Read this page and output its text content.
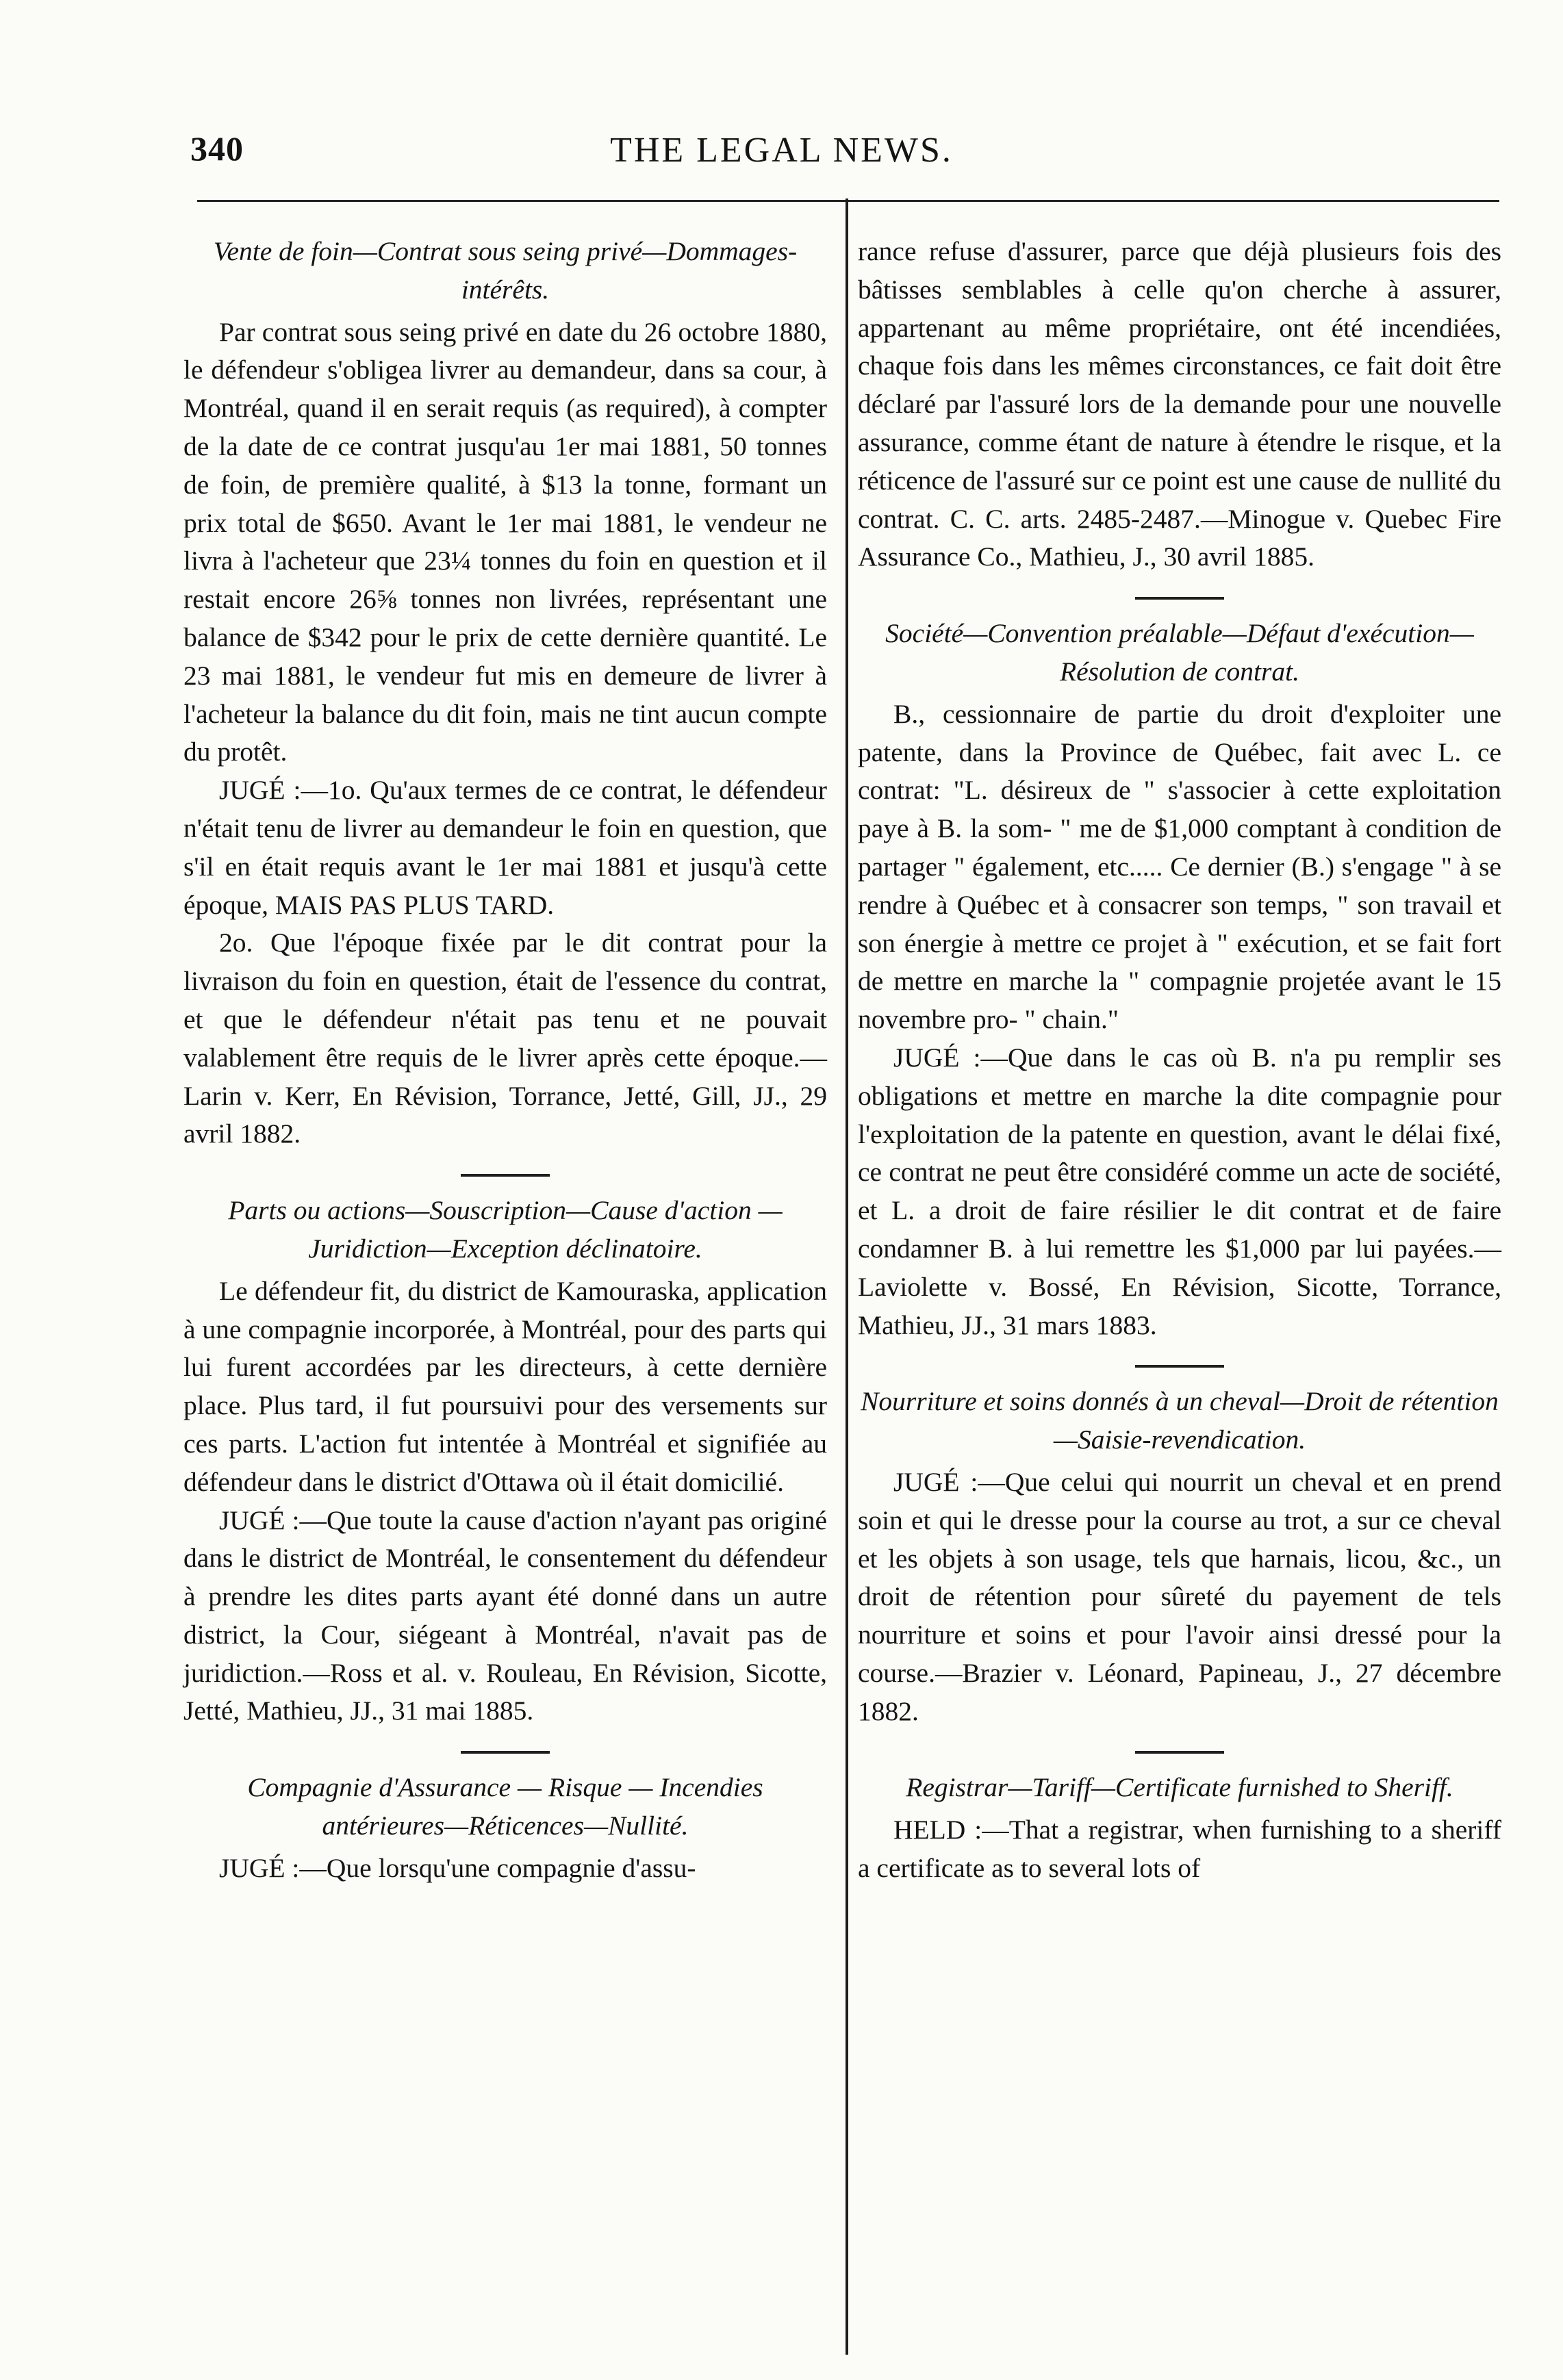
340	THE LEGAL NEWS.

Vente de foin—Contrat sous seing privé—Dommages-intérêts.

Par contrat sous seing privé en date du 26 octobre 1880, le défendeur s'obligea livrer au demandeur, dans sa cour, à Montréal, quand il en serait requis (as required), à compter de la date de ce contrat jusqu'au 1er mai 1881, 50 tonnes de foin, de première qualité, à $13 la tonne, formant un prix total de $650. Avant le 1er mai 1881, le vendeur ne livra à l'acheteur que 23¼ tonnes du foin en question et il restait encore 26⅝ tonnes non livrées, représentant une balance de $342 pour le prix de cette dernière quantité. Le 23 mai 1881, le vendeur fut mis en demeure de livrer à l'acheteur la balance du dit foin, mais ne tint aucun compte du protêt.

JUGÉ :—1o. Qu'aux termes de ce contrat, le défendeur n'était tenu de livrer au demandeur le foin en question, que s'il en était requis avant le 1er mai 1881 et jusqu'à cette époque, MAIS PAS PLUS TARD.

2o. Que l'époque fixée par le dit contrat pour la livraison du foin en question, était de l'essence du contrat, et que le défendeur n'était pas tenu et ne pouvait valablement être requis de le livrer après cette époque.—Larin v. Kerr, En Révision, Torrance, Jetté, Gill, JJ., 29 avril 1882.

Parts ou actions—Souscription—Cause d'action —Juridiction—Exception déclinatoire.

Le défendeur fit, du district de Kamouraska, application à une compagnie incorporée, à Montréal, pour des parts qui lui furent accordées par les directeurs, à cette dernière place. Plus tard, il fut poursuivi pour des versements sur ces parts. L'action fut intentée à Montréal et signifiée au défendeur dans le district d'Ottawa où il était domicilié.

JUGÉ :—Que toute la cause d'action n'ayant pas originé dans le district de Montréal, le consentement du défendeur à prendre les dites parts ayant été donné dans un autre district, la Cour, siégeant à Montréal, n'avait pas de juridiction.—Ross et al. v. Rouleau, En Révision, Sicotte, Jetté, Mathieu, JJ., 31 mai 1885.

Compagnie d'Assurance — Risque — Incendies antérieures—Réticences—Nullité.

JUGÉ :—Que lorsqu'une compagnie d'assu-

rance refuse d'assurer, parce que déjà plusieurs fois des bâtisses semblables à celle qu'on cherche à assurer, appartenant au même propriétaire, ont été incendiées, chaque fois dans les mêmes circonstances, ce fait doit être déclaré par l'assuré lors de la demande pour une nouvelle assurance, comme étant de nature à étendre le risque, et la réticence de l'assuré sur ce point est une cause de nullité du contrat. C. C. arts. 2485-2487.—Minogue v. Quebec Fire Assurance Co., Mathieu, J., 30 avril 1885.

Société—Convention préalable—Défaut d'exécution—Résolution de contrat.

B., cessionnaire de partie du droit d'exploiter une patente, dans la Province de Québec, fait avec L. ce contrat: "L. désireux de " s'associer à cette exploitation paye à B. la som- " me de $1,000 comptant à condition de partager " également, etc..... Ce dernier (B.) s'engage " à se rendre à Québec et à consacrer son temps, " son travail et son énergie à mettre ce projet à " exécution, et se fait fort de mettre en marche la " compagnie projetée avant le 15 novembre pro- " chain."

JUGÉ :—Que dans le cas où B. n'a pu remplir ses obligations et mettre en marche la dite compagnie pour l'exploitation de la patente en question, avant le délai fixé, ce contrat ne peut être considéré comme un acte de société, et L. a droit de faire résilier le dit contrat et de faire condamner B. à lui remettre les $1,000 par lui payées.—Laviolette v. Bossé, En Révision, Sicotte, Torrance, Mathieu, JJ., 31 mars 1883.

Nourriture et soins donnés à un cheval—Droit de rétention—Saisie-revendication.

JUGÉ :—Que celui qui nourrit un cheval et en prend soin et qui le dresse pour la course au trot, a sur ce cheval et les objets à son usage, tels que harnais, licou, &c., un droit de rétention pour sûreté du payement de tels nourriture et soins et pour l'avoir ainsi dressé pour la course.—Brazier v. Léonard, Papineau, J., 27 décembre 1882.

Registrar—Tariff—Certificate furnished to Sheriff.

HELD :—That a registrar, when furnishing to a sheriff a certificate as to several lots of
